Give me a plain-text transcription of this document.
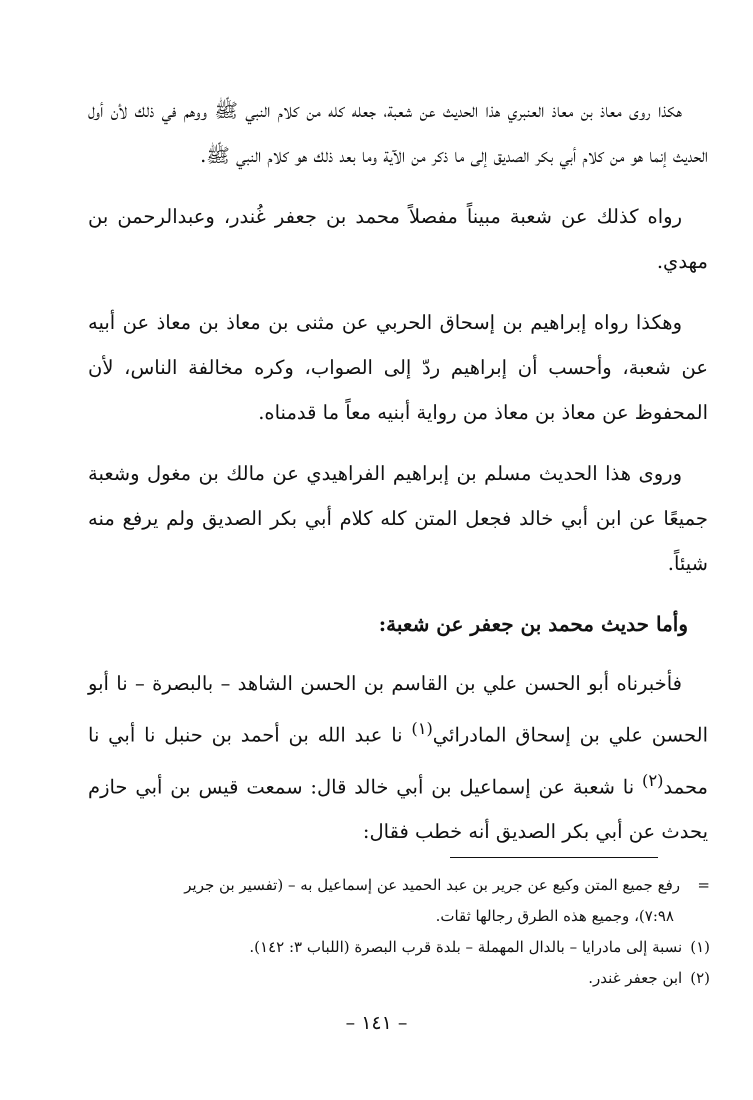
هكذا روى معاذ بن معاذ العنبري هذا الحديث عن شعبة، جعله كله من كلام النبي ﷺ ووهم في ذلك لأن أول الحديث إنما هو من كلام أبي بكر الصديق إلى ما ذكر من الآية وما بعد ذلك هو كلام النبي ﷺ.

رواه كذلك عن شعبة مبيناً مفصلاً محمد بن جعفر غُندر، وعبدالرحمن بن مهدي.

وهكذا رواه إبراهيم بن إسحاق الحربي عن مثنى بن معاذ بن معاذ عن أبيه عن شعبة، وأحسب أن إبراهيم ردّ إلى الصواب، وكره مخالفة الناس، لأن المحفوظ عن معاذ بن معاذ من رواية أبنيه معاً ما قدمناه.

وروى هذا الحديث مسلم بن إبراهيم الفراهيدي عن مالك بن مغول وشعبة جميعًا عن ابن أبي خالد فجعل المتن كله كلام أبي بكر الصديق ولم يرفع منه شيئاً.

وأما حديث محمد بن جعفر عن شعبة:

فأخبرناه أبو الحسن علي بن القاسم بن الحسن الشاهد – بالبصرة – نا أبو الحسن علي بن إسحاق المادرائي$^{(١)}$ نا عبد الله بن أحمد بن حنبل نا أبي نا محمد$^{(٢)}$ نا شعبة عن إسماعيل بن أبي خالد قال: سمعت قيس بن أبي حازم يحدث عن أبي بكر الصديق أنه خطب فقال:

=رفع جميع المتن وكيع عن جرير بن عبد الحميد عن إسماعيل به – (تفسير بن جرير

٧:٩٨)، وجميع هذه الطرق رجالها ثقات.

(١)نسبة إلى مادرايا – بالدال المهملة – بلدة قرب البصرة (اللباب ٣: ١٤٢).

(٢)ابن جعفر غندر.

– ١٤١ –
